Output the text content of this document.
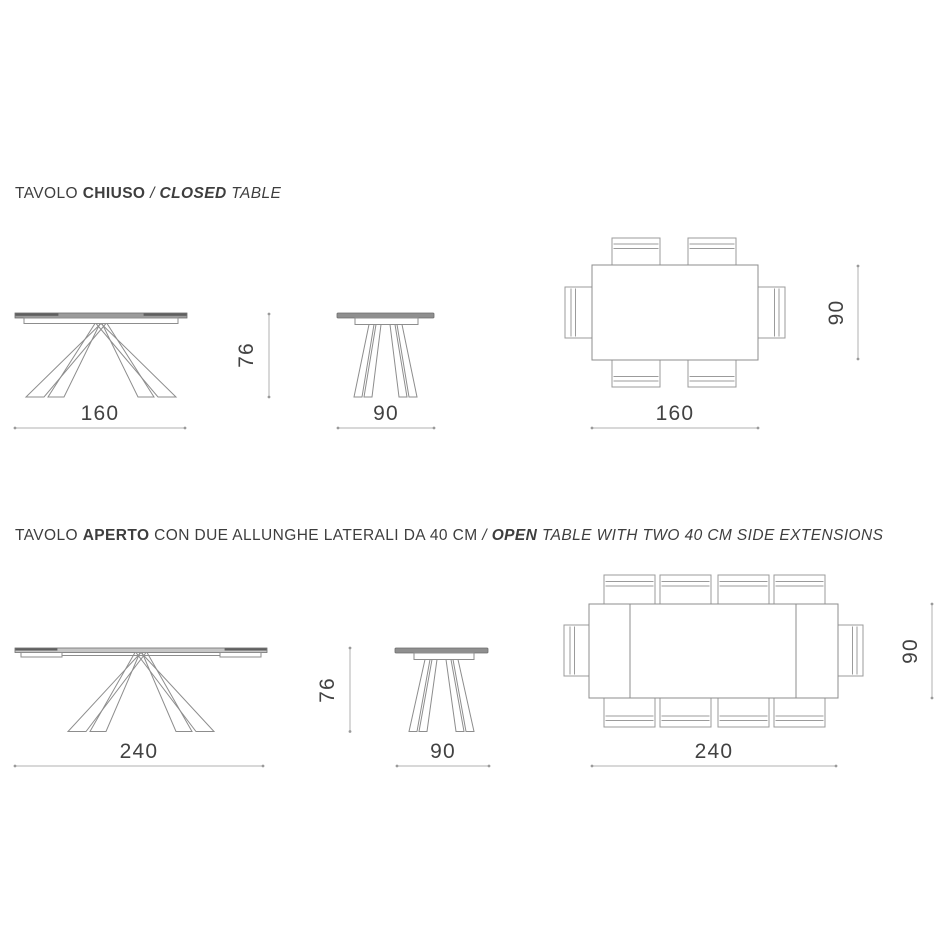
TAVOLO CHIUSO / CLOSED TABLE
TAVOLO APERTO CON DUE ALLUNGHE LATERALI DA 40 CM / OPEN TABLE WITH TWO 40 CM SIDE EXTENSIONS
160
76
90	160
90
240
76
90	240
90
